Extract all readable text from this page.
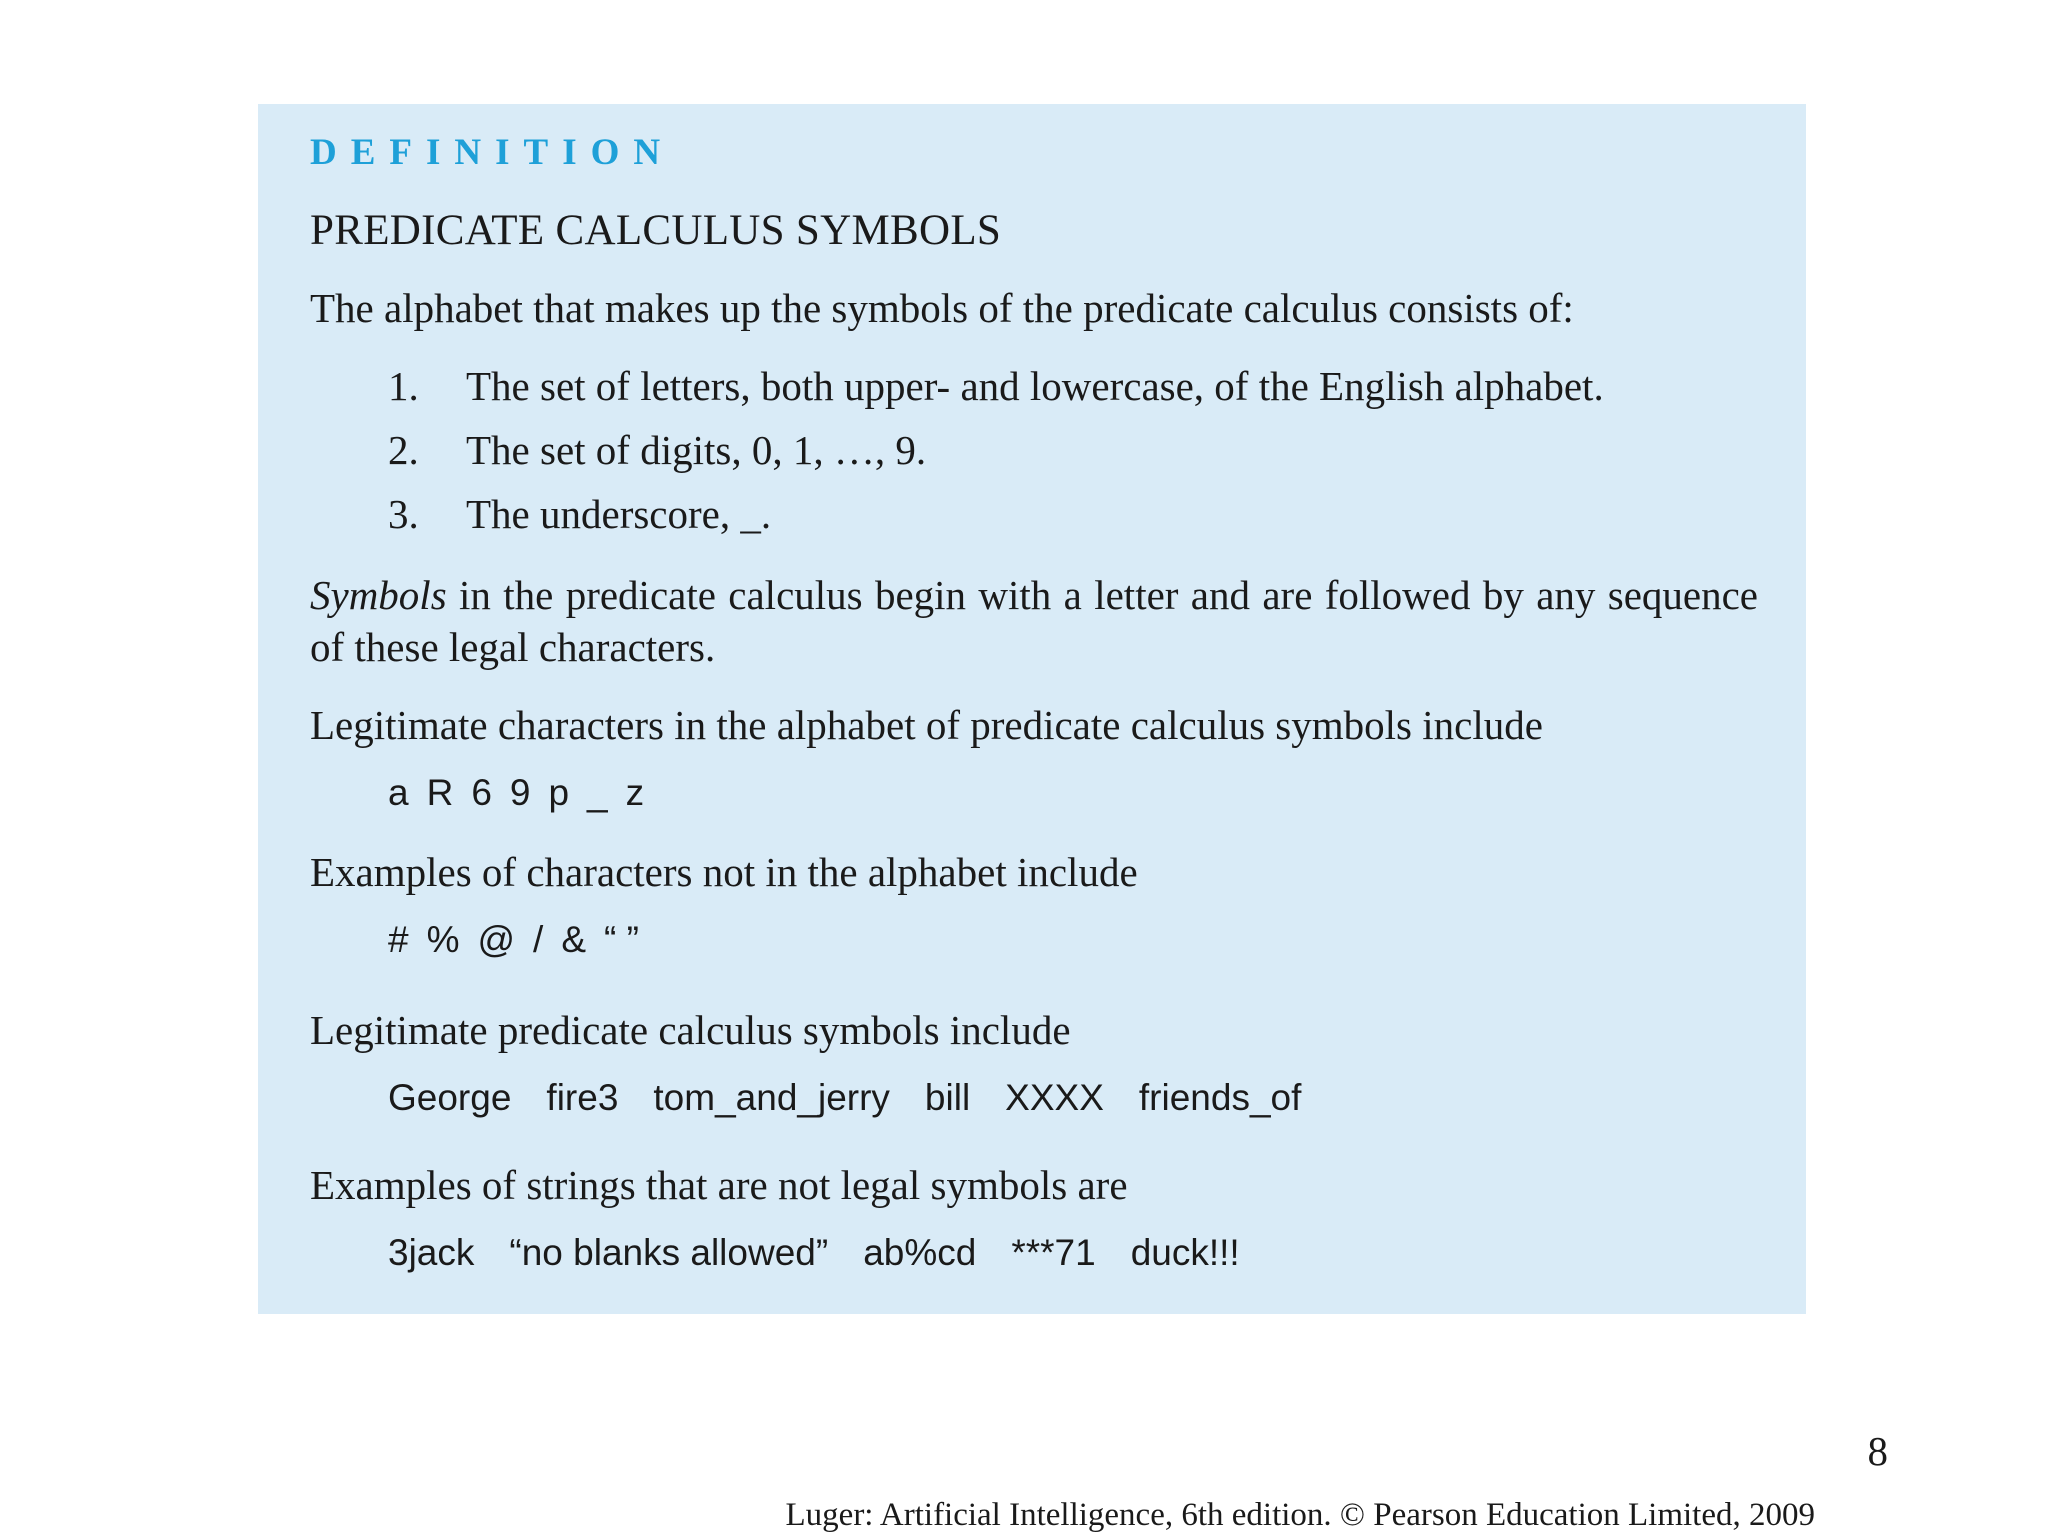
DEFINITION
PREDICATE CALCULUS SYMBOLS
The alphabet that makes up the symbols of the predicate calculus consists of:
1. The set of letters, both upper- and lowercase, of the English alphabet.
2. The set of digits, 0, 1, …, 9.
3. The underscore, _.
Symbols in the predicate calculus begin with a letter and are followed by any sequence of these legal characters.
Legitimate characters in the alphabet of predicate calculus symbols include
a R 6 9 p _ z
Examples of characters not in the alphabet include
# % @ / & “ ”
Legitimate predicate calculus symbols include
George fire3 tom_and_jerry bill XXXX friends_of
Examples of strings that are not legal symbols are
3jack “no blanks allowed” ab%cd ***71 duck!!!
8
Luger: Artificial Intelligence, 6th edition. © Pearson Education Limited, 2009
